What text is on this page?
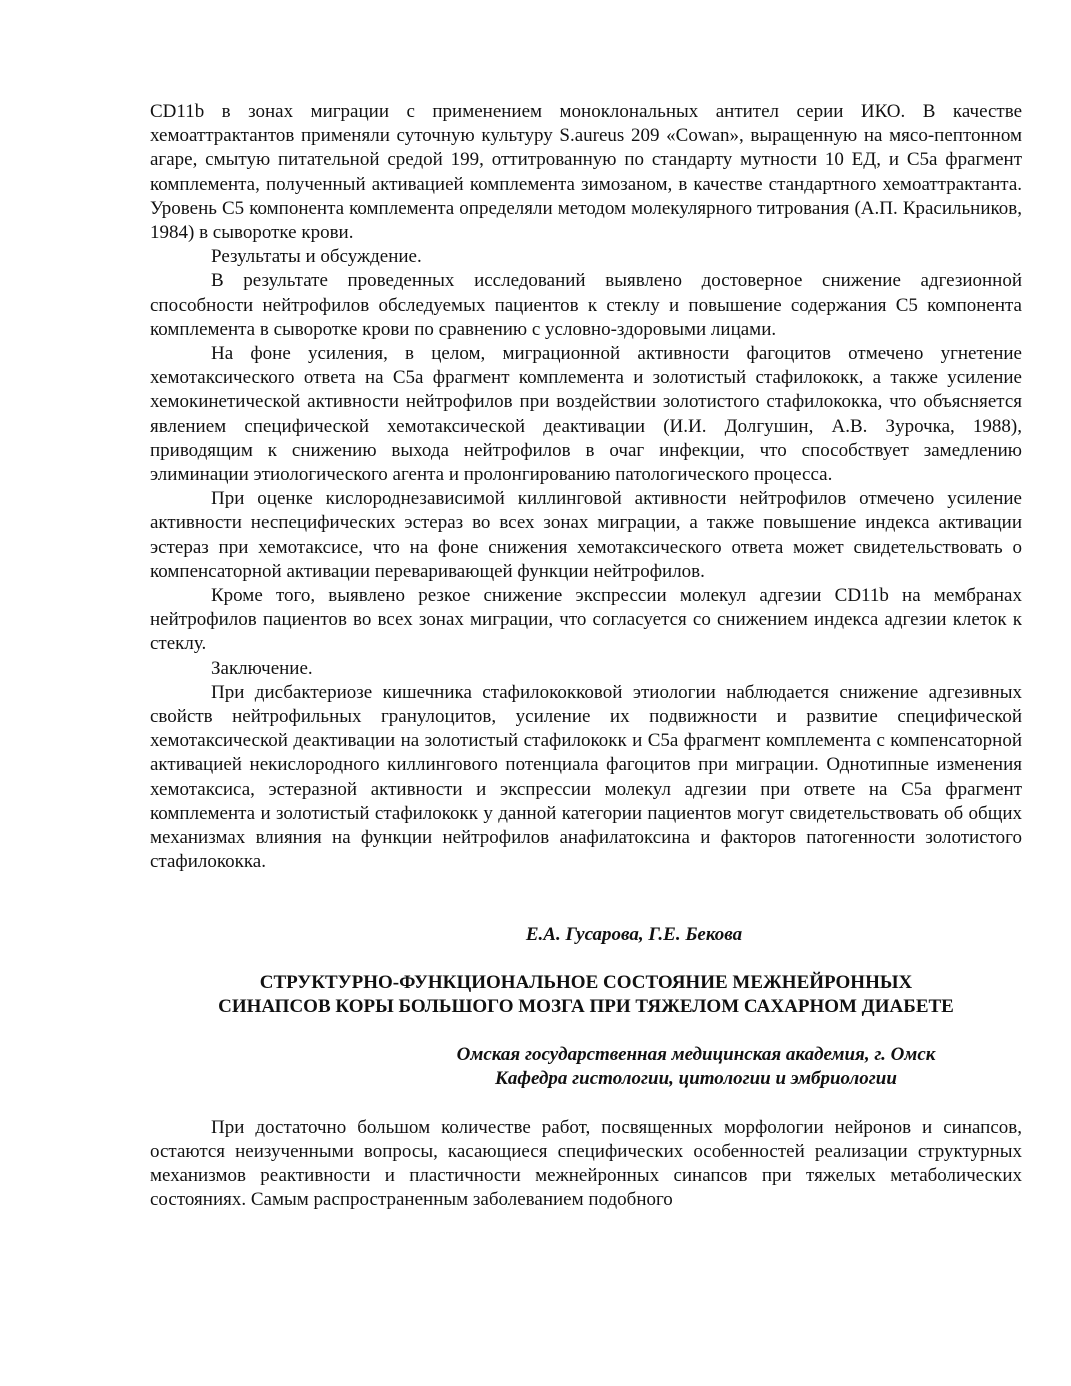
CD11b в зонах миграции с применением моноклональных антител серии ИКО. В качестве хемоаттрактантов применяли суточную культуру S.aureus 209 «Cowan», выращенную на мясо-пептонном агаре, смытую питательной средой 199, оттитрованную по стандарту мутности 10 ЕД, и С5а фрагмент комплемента, полученный активацией комплемента зимозаном, в качестве стандартного хемоаттрактанта. Уровень С5 компонента комплемента определяли методом молекулярного титрования (А.П. Красильников, 1984) в сыворотке крови.

Результаты и обсуждение.

В результате проведенных исследований выявлено достоверное снижение адгезионной способности нейтрофилов обследуемых пациентов к стеклу и повышение содержания С5 компонента комплемента в сыворотке крови по сравнению с условно-здоровыми лицами.

На фоне усиления, в целом, миграционной активности фагоцитов отмечено угнетение хемотаксического ответа на С5а фрагмент комплемента и золотистый стафилококк, а также усиление хемокинетической активности нейтрофилов при воздействии золотистого стафилококка, что объясняется явлением специфической хемотаксической деактивации (И.И. Долгушин, А.В. Зурочка, 1988), приводящим к снижению выхода нейтрофилов в очаг инфекции, что способствует замедлению элиминации этиологического агента и пролонгированию патологического процесса.

При оценке кислороднезависимой киллинговой активности нейтрофилов отмечено усиление активности неспецифических эстераз во всех зонах миграции, а также повышение индекса активации эстераз при хемотаксисе, что на фоне снижения хемотаксического ответа может свидетельствовать о компенсаторной активации переваривающей функции нейтрофилов.

Кроме того, выявлено резкое снижение экспрессии молекул адгезии CD11b на мембранах нейтрофилов пациентов во всех зонах миграции, что согласуется со снижением индекса адгезии клеток к стеклу.

Заключение.

При дисбактериозе кишечника стафилококковой этиологии наблюдается снижение адгезивных свойств нейтрофильных гранулоцитов, усиление их подвижности и развитие специфической хемотаксической деактивации на золотистый стафилококк и С5а фрагмент комплемента с компенсаторной активацией некислородного киллингового потенциала фагоцитов при миграции. Однотипные изменения хемотаксиса, эстеразной активности и экспрессии молекул адгезии при ответе на С5а фрагмент комплемента и золотистый стафилококк у данной категории пациентов могут свидетельствовать об общих механизмах влияния на функции нейтрофилов анафилатоксина и факторов патогенности золотистого стафилококка.

Е.А. Гусарова, Г.Е. Бекова

СТРУКТУРНО-ФУНКЦИОНАЛЬНОЕ СОСТОЯНИЕ МЕЖНЕЙРОННЫХ

СИНАПСОВ КОРЫ БОЛЬШОГО МОЗГА ПРИ ТЯЖЕЛОМ САХАРНОМ ДИАБЕТЕ

Омская государственная медицинская академия, г. Омск

Кафедра гистологии, цитологии и эмбриологии

При достаточно большом количестве работ, посвященных морфологии нейронов и синапсов, остаются неизученными вопросы, касающиеся специфических особенностей реализации структурных механизмов реактивности и пластичности межнейронных синапсов при тяжелых метаболических состояниях. Самым распространенным заболеванием подобного
